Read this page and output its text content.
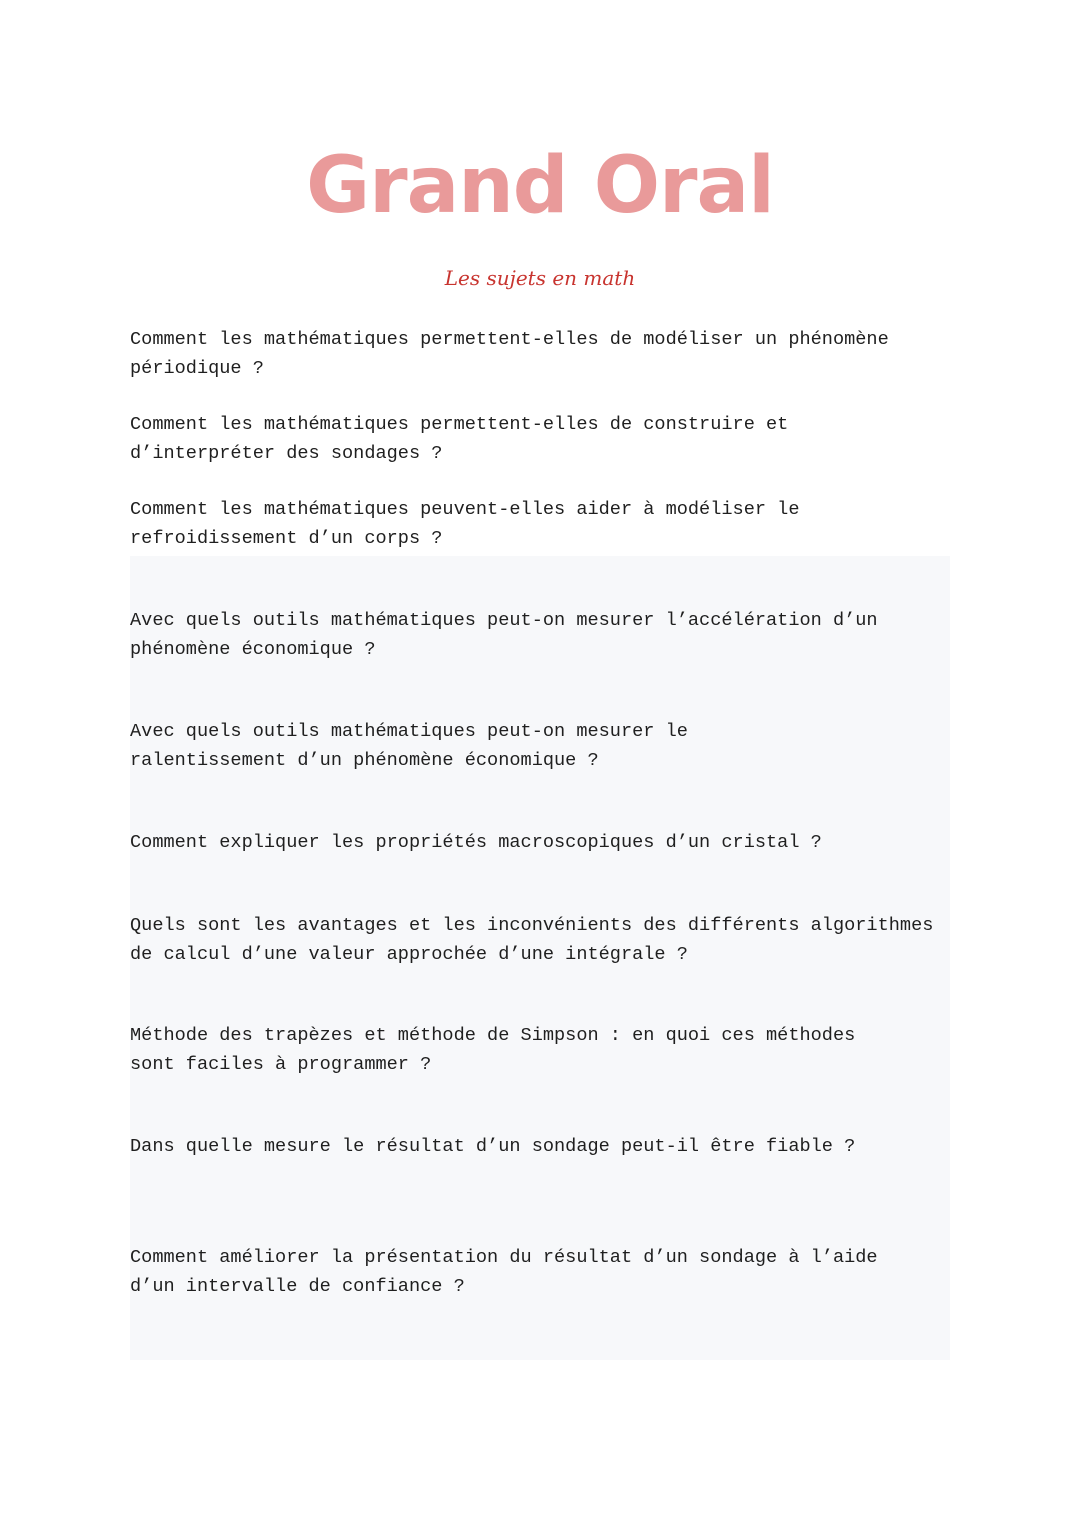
Grand Oral
Les sujets en math

Comment les mathématiques permettent-elles de modéliser un phénomène périodique ?

Comment les mathématiques permettent-elles de construire et d’interpréter des sondages ?

Comment les mathématiques peuvent-elles aider à modéliser le refroidissement d’un corps ?

Avec quels outils mathématiques peut-on mesurer l’accélération d’un phénomène économique ?

Avec quels outils mathématiques peut-on mesurer le ralentissement d’un phénomène économique ?

Comment expliquer les propriétés macroscopiques d’un cristal ?

Quels sont les avantages et les inconvénients des différents algorithmes de calcul d’une valeur approchée d’une intégrale ?

Méthode des trapèzes et méthode de Simpson : en quoi ces méthodes sont faciles à programmer ?

Dans quelle mesure le résultat d’un sondage peut-il être fiable ?

Comment améliorer la présentation du résultat d’un sondage à l’aide d’un intervalle de confiance ?
